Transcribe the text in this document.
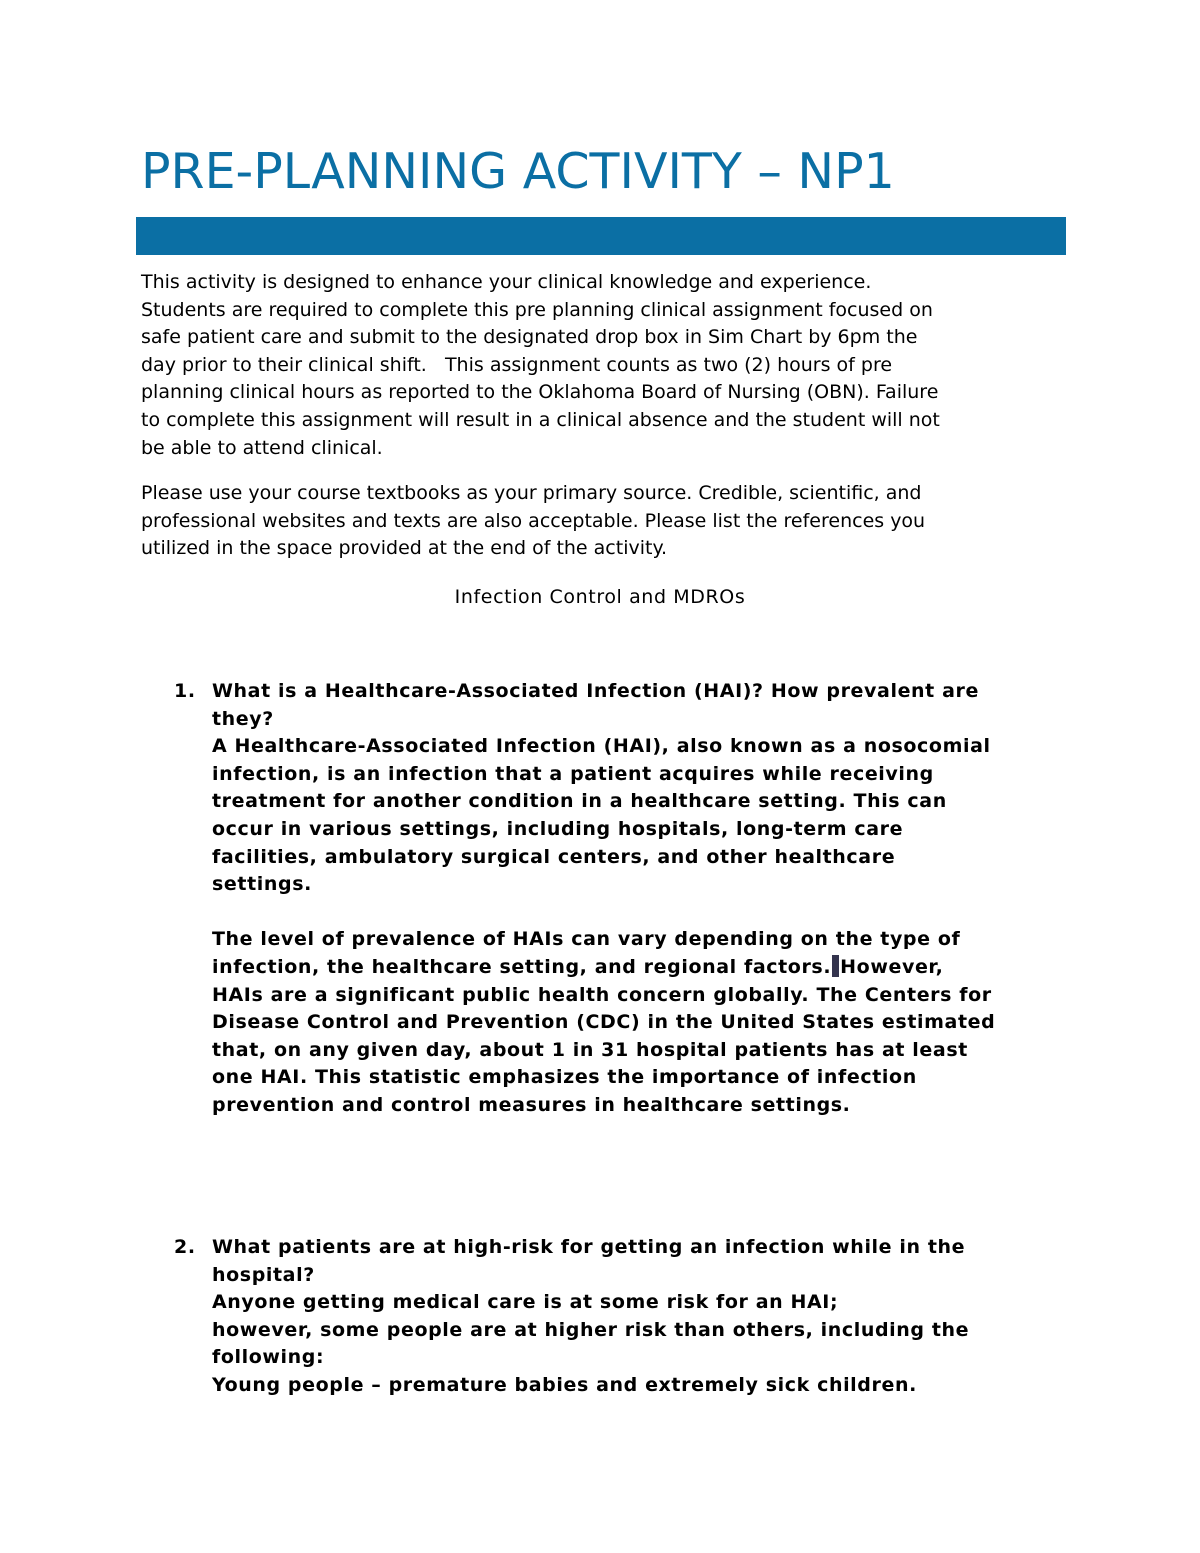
PRE-PLANNING ACTIVITY – NP1

This activity is designed to enhance your clinical knowledge and experience.
Students are required to complete this pre planning clinical assignment focused on
safe patient care and submit to the designated drop box in Sim Chart by 6pm the
day prior to their clinical shift.   This assignment counts as two (2) hours of pre
planning clinical hours as reported to the Oklahoma Board of Nursing (OBN). Failure
to complete this assignment will result in a clinical absence and the student will not
be able to attend clinical.

Please use your course textbooks as your primary source. Credible, scientific, and
professional websites and texts are also acceptable. Please list the references you
utilized in the space provided at the end of the activity.

Infection Control and MDROs
1. What is a Healthcare-Associated Infection (HAI)? How prevalent are
they?
A Healthcare-Associated Infection (HAI), also known as a nosocomial
infection, is an infection that a patient acquires while receiving
treatment for another condition in a healthcare setting. This can
occur in various settings, including hospitals, long-term care
facilities, ambulatory surgical centers, and other healthcare
settings.
The level of prevalence of HAIs can vary depending on the type of
infection, the healthcare setting, and regional factors. However,
HAIs are a significant public health concern globally. The Centers for
Disease Control and Prevention (CDC) in the United States estimated
that, on any given day, about 1 in 31 hospital patients has at least
one HAI. This statistic emphasizes the importance of infection
prevention and control measures in healthcare settings.
2. What patients are at high-risk for getting an infection while in the
hospital?
Anyone getting medical care is at some risk for an HAI;
however, some people are at higher risk than others, including the
following:
Young people – premature babies and extremely sick children.
